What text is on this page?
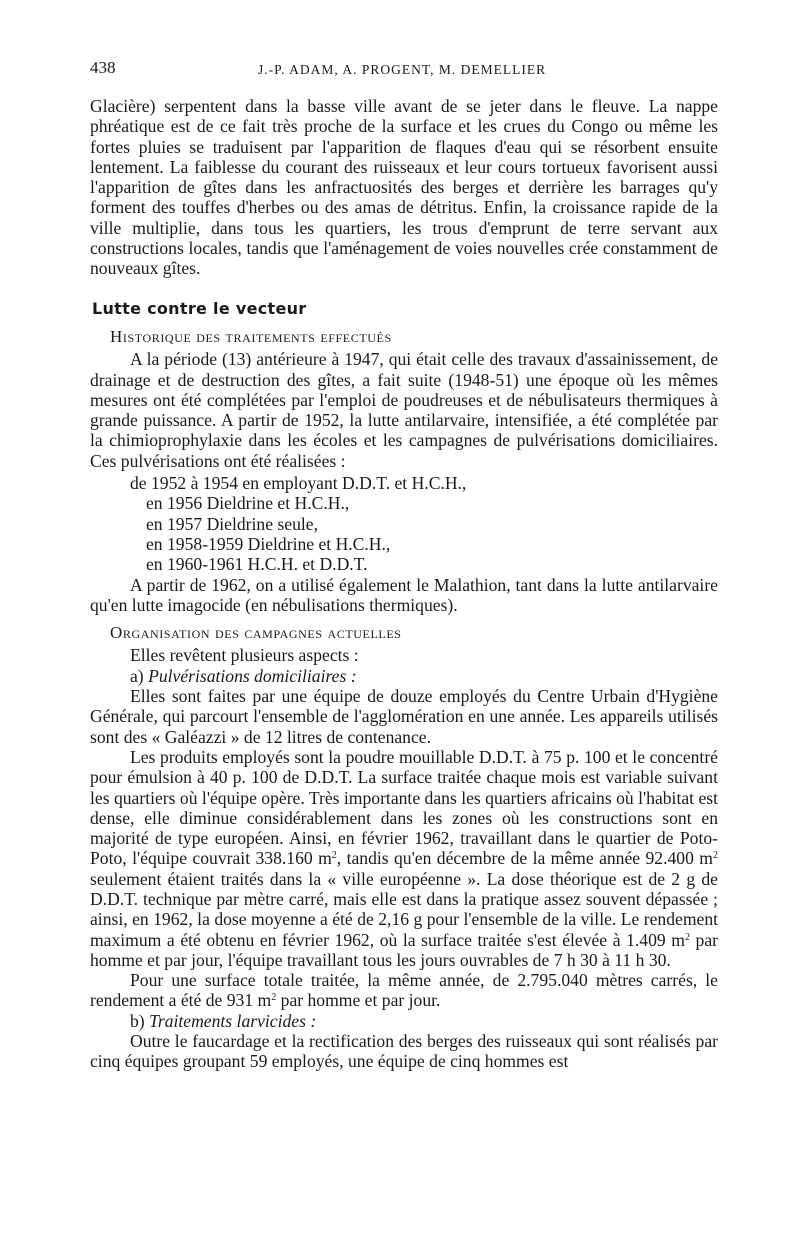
438	J.-P. ADAM, A. PROGENT, M. DEMELLIER

Glacière) serpentent dans la basse ville avant de se jeter dans le fleuve. La nappe phréatique est de ce fait très proche de la surface et les crues du Congo ou même les fortes pluies se traduisent par l'apparition de flaques d'eau qui se résorbent ensuite lentement. La faiblesse du courant des ruisseaux et leur cours tortueux favorisent aussi l'apparition de gîtes dans les anfractuosités des berges et derrière les barrages qu'y forment des touffes d'herbes ou des amas de détritus. Enfin, la croissance rapide de la ville multiplie, dans tous les quartiers, les trous d'emprunt de terre servant aux constructions locales, tandis que l'aménagement de voies nouvelles crée constamment de nouveaux gîtes.

Lutte contre le vecteur
Historique des traitements effectués

A la période (13) antérieure à 1947, qui était celle des travaux d'assainissement, de drainage et de destruction des gîtes, a fait suite (1948-51) une époque où les mêmes mesures ont été complétées par l'emploi de poudreuses et de nébulisateurs thermiques à grande puissance. A partir de 1952, la lutte antilarvaire, intensifiée, a été complétée par la chimioprophylaxie dans les écoles et les campagnes de pulvérisations domiciliaires. Ces pulvérisations ont été réalisées :

de 1952 à 1954 en employant D.D.T. et H.C.H.,
en 1956 Dieldrine et H.C.H.,
en 1957 Dieldrine seule,
en 1958-1959 Dieldrine et H.C.H.,
en 1960-1961 H.C.H. et D.D.T.

A partir de 1962, on a utilisé également le Malathion, tant dans la lutte antilarvaire qu'en lutte imagocide (en nébulisations thermiques).

Organisation des campagnes actuelles

Elles revêtent plusieurs aspects :

a) Pulvérisations domiciliaires :

Elles sont faites par une équipe de douze employés du Centre Urbain d'Hygiène Générale, qui parcourt l'ensemble de l'agglomération en une année. Les appareils utilisés sont des « Galéazzi » de 12 litres de contenance.

Les produits employés sont la poudre mouillable D.D.T. à 75 p. 100 et le concentré pour émulsion à 40 p. 100 de D.D.T. La surface traitée chaque mois est variable suivant les quartiers où l'équipe opère. Très importante dans les quartiers africains où l'habitat est dense, elle diminue considérablement dans les zones où les constructions sont en majorité de type européen. Ainsi, en février 1962, travaillant dans le quartier de Poto-Poto, l'équipe couvrait 338.160 $m^2$, tandis qu'en décembre de la même année 92.400 $m^2$ seulement étaient traités dans la « ville européenne ». La dose théorique est de 2 g de D.D.T. technique par mètre carré, mais elle est dans la pratique assez souvent dépassée ; ainsi, en 1962, la dose moyenne a été de 2,16 g pour l'ensemble de la ville. Le rendement maximum a été obtenu en février 1962, où la surface traitée s'est élevée à 1.409 $m^2$ par homme et par jour, l'équipe travaillant tous les jours ouvrables de 7 h 30 à 11 h 30.

Pour une surface totale traitée, la même année, de 2.795.040 mètres carrés, le rendement a été de 931 $m^2$ par homme et par jour.

b) Traitements larvicides :

Outre le faucardage et la rectification des berges des ruisseaux qui sont réalisés par cinq équipes groupant 59 employés, une équipe de cinq hommes est
